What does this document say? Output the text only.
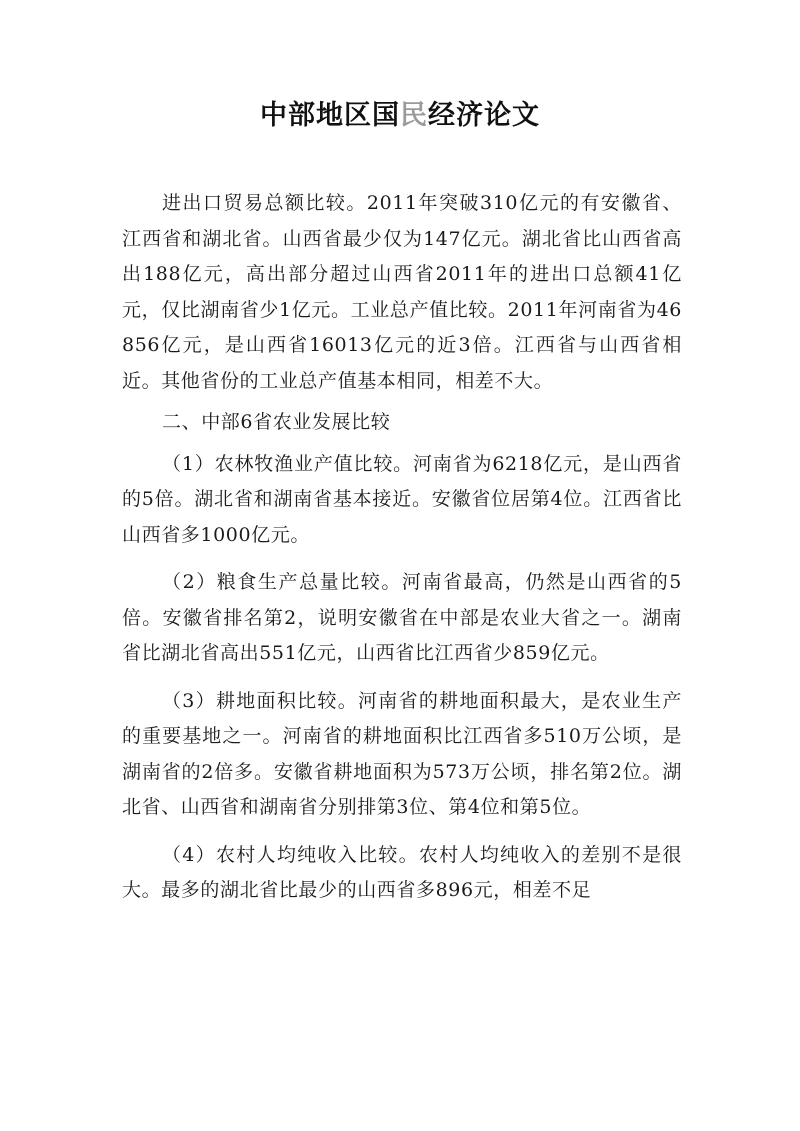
中部地区国民经济论文

进出口贸易总额比较。2011年突破310亿元的有安徽省、江西省和湖北省。山西省最少仅为147亿元。湖北省比山西省高出188亿元，高出部分超过山西省2011年的进出口总额41亿元，仅比湖南省少1亿元。工业总产值比较。2011年河南省为46856亿元，是山西省16013亿元的近3倍。江西省与山西省相近。其他省份的工业总产值基本相同，相差不大。

二、中部6省农业发展比较

（1）农林牧渔业产值比较。河南省为6218亿元，是山西省的5倍。湖北省和湖南省基本接近。安徽省位居第4位。江西省比山西省多1000亿元。

（2）粮食生产总量比较。河南省最高，仍然是山西省的5倍。安徽省排名第2，说明安徽省在中部是农业大省之一。湖南省比湖北省高出551亿元，山西省比江西省少859亿元。

（3）耕地面积比较。河南省的耕地面积最大，是农业生产的重要基地之一。河南省的耕地面积比江西省多510万公顷，是湖南省的2倍多。安徽省耕地面积为573万公顷，排名第2位。湖北省、山西省和湖南省分别排第3位、第4位和第5位。

（4）农村人均纯收入比较。农村人均纯收入的差别不是很大。最多的湖北省比最少的山西省多896元，相差不足
